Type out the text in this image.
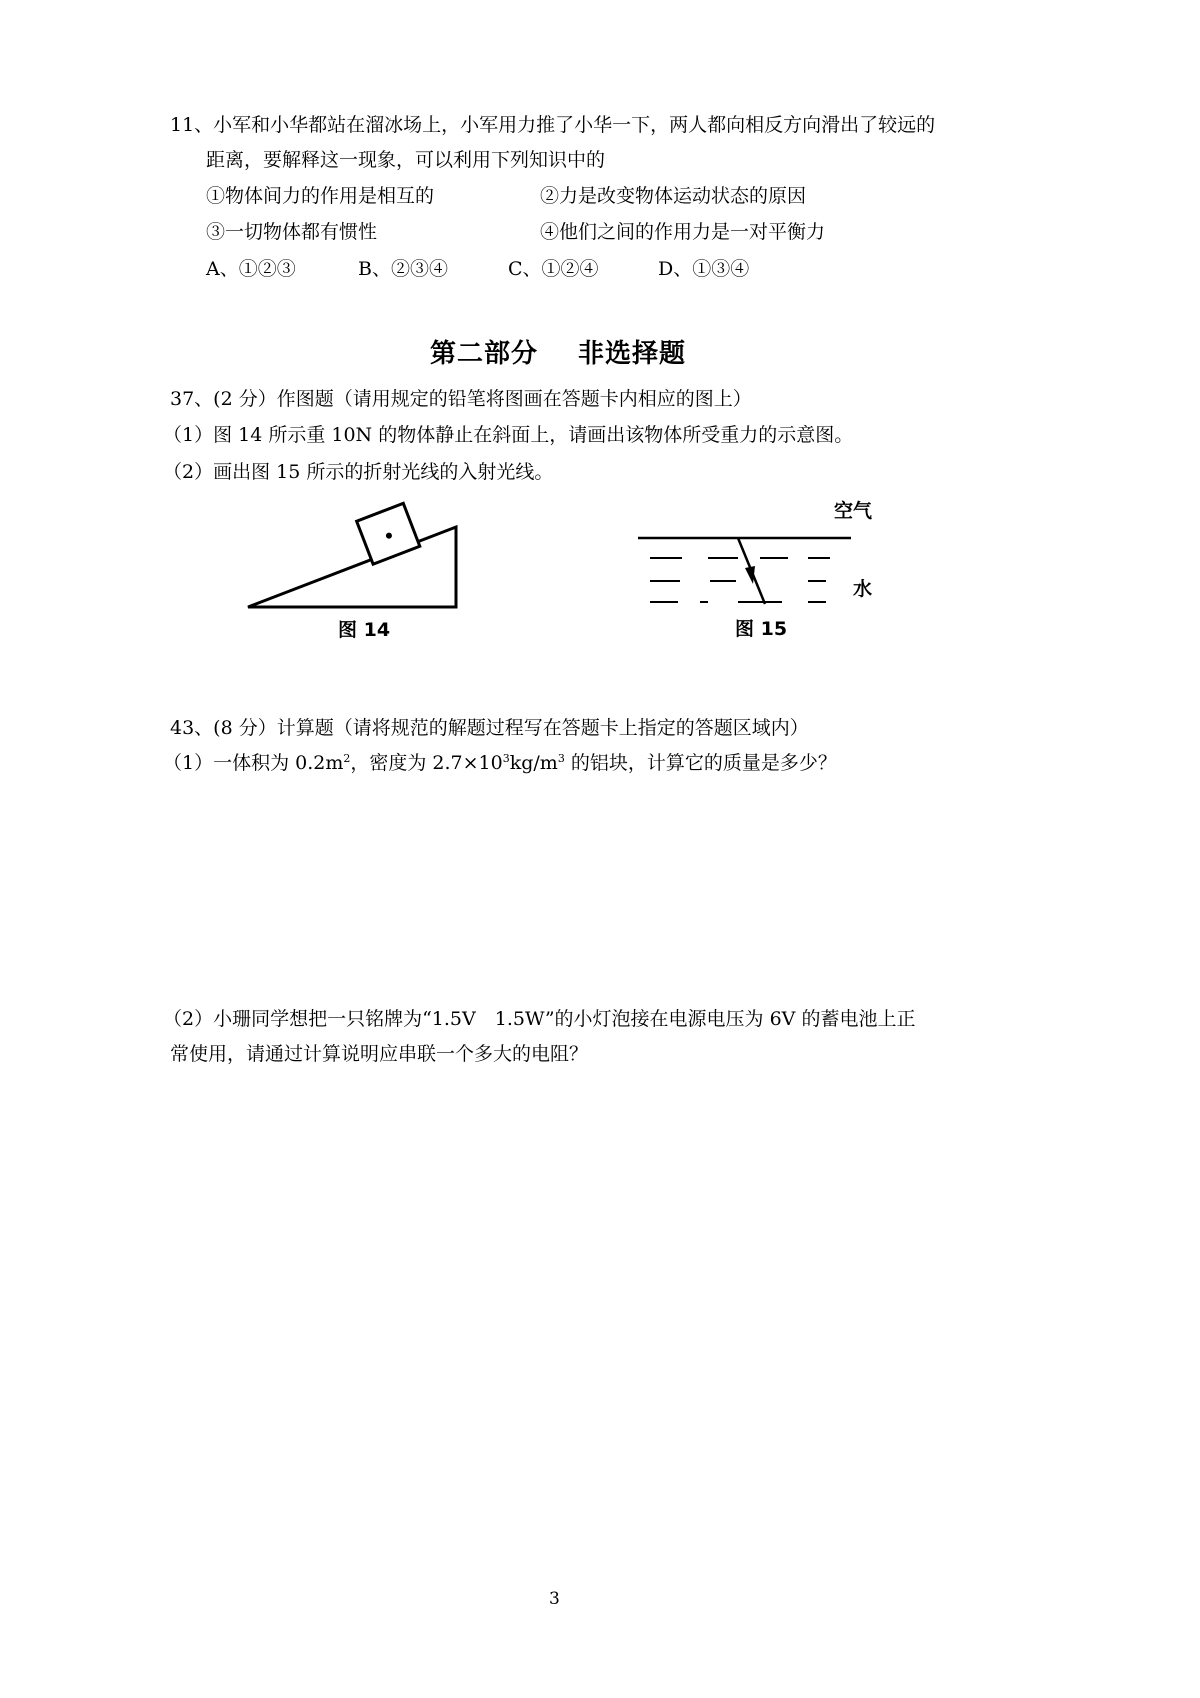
11、小军和小华都站在溜冰场上，小军用力推了小华一下，两人都向相反方向滑出了较远的
距离，要解释这一现象，可以利用下列知识中的
①物体间力的作用是相互的	②力是改变物体运动状态的原因
③一切物体都有惯性	④他们之间的作用力是一对平衡力
A、①②③	B、②③④	C、①②④	D、①③④
第二部分 非选择题
37、(2 分）作图题（请用规定的铅笔将图画在答题卡内相应的图上）
（1）图 14 所示重 10N 的物体静止在斜面上，请画出该物体所受重力的示意图。
（2）画出图 15 所示的折射光线的入射光线。
图 14
空气
水
图 15
43、(8 分）计算题（请将规范的解题过程写在答题卡上指定的答题区域内）
（1）一体积为 $0.2m^2$，密度为 $2.7\times 10^3kg/m^3$ 的铝块，计算它的质量是多少？
（2）小珊同学想把一只铭牌为“1.5V　1.5W”的小灯泡接在电源电压为 6V 的蓄电池上正
常使用，请通过计算说明应串联一个多大的电阻？
3
